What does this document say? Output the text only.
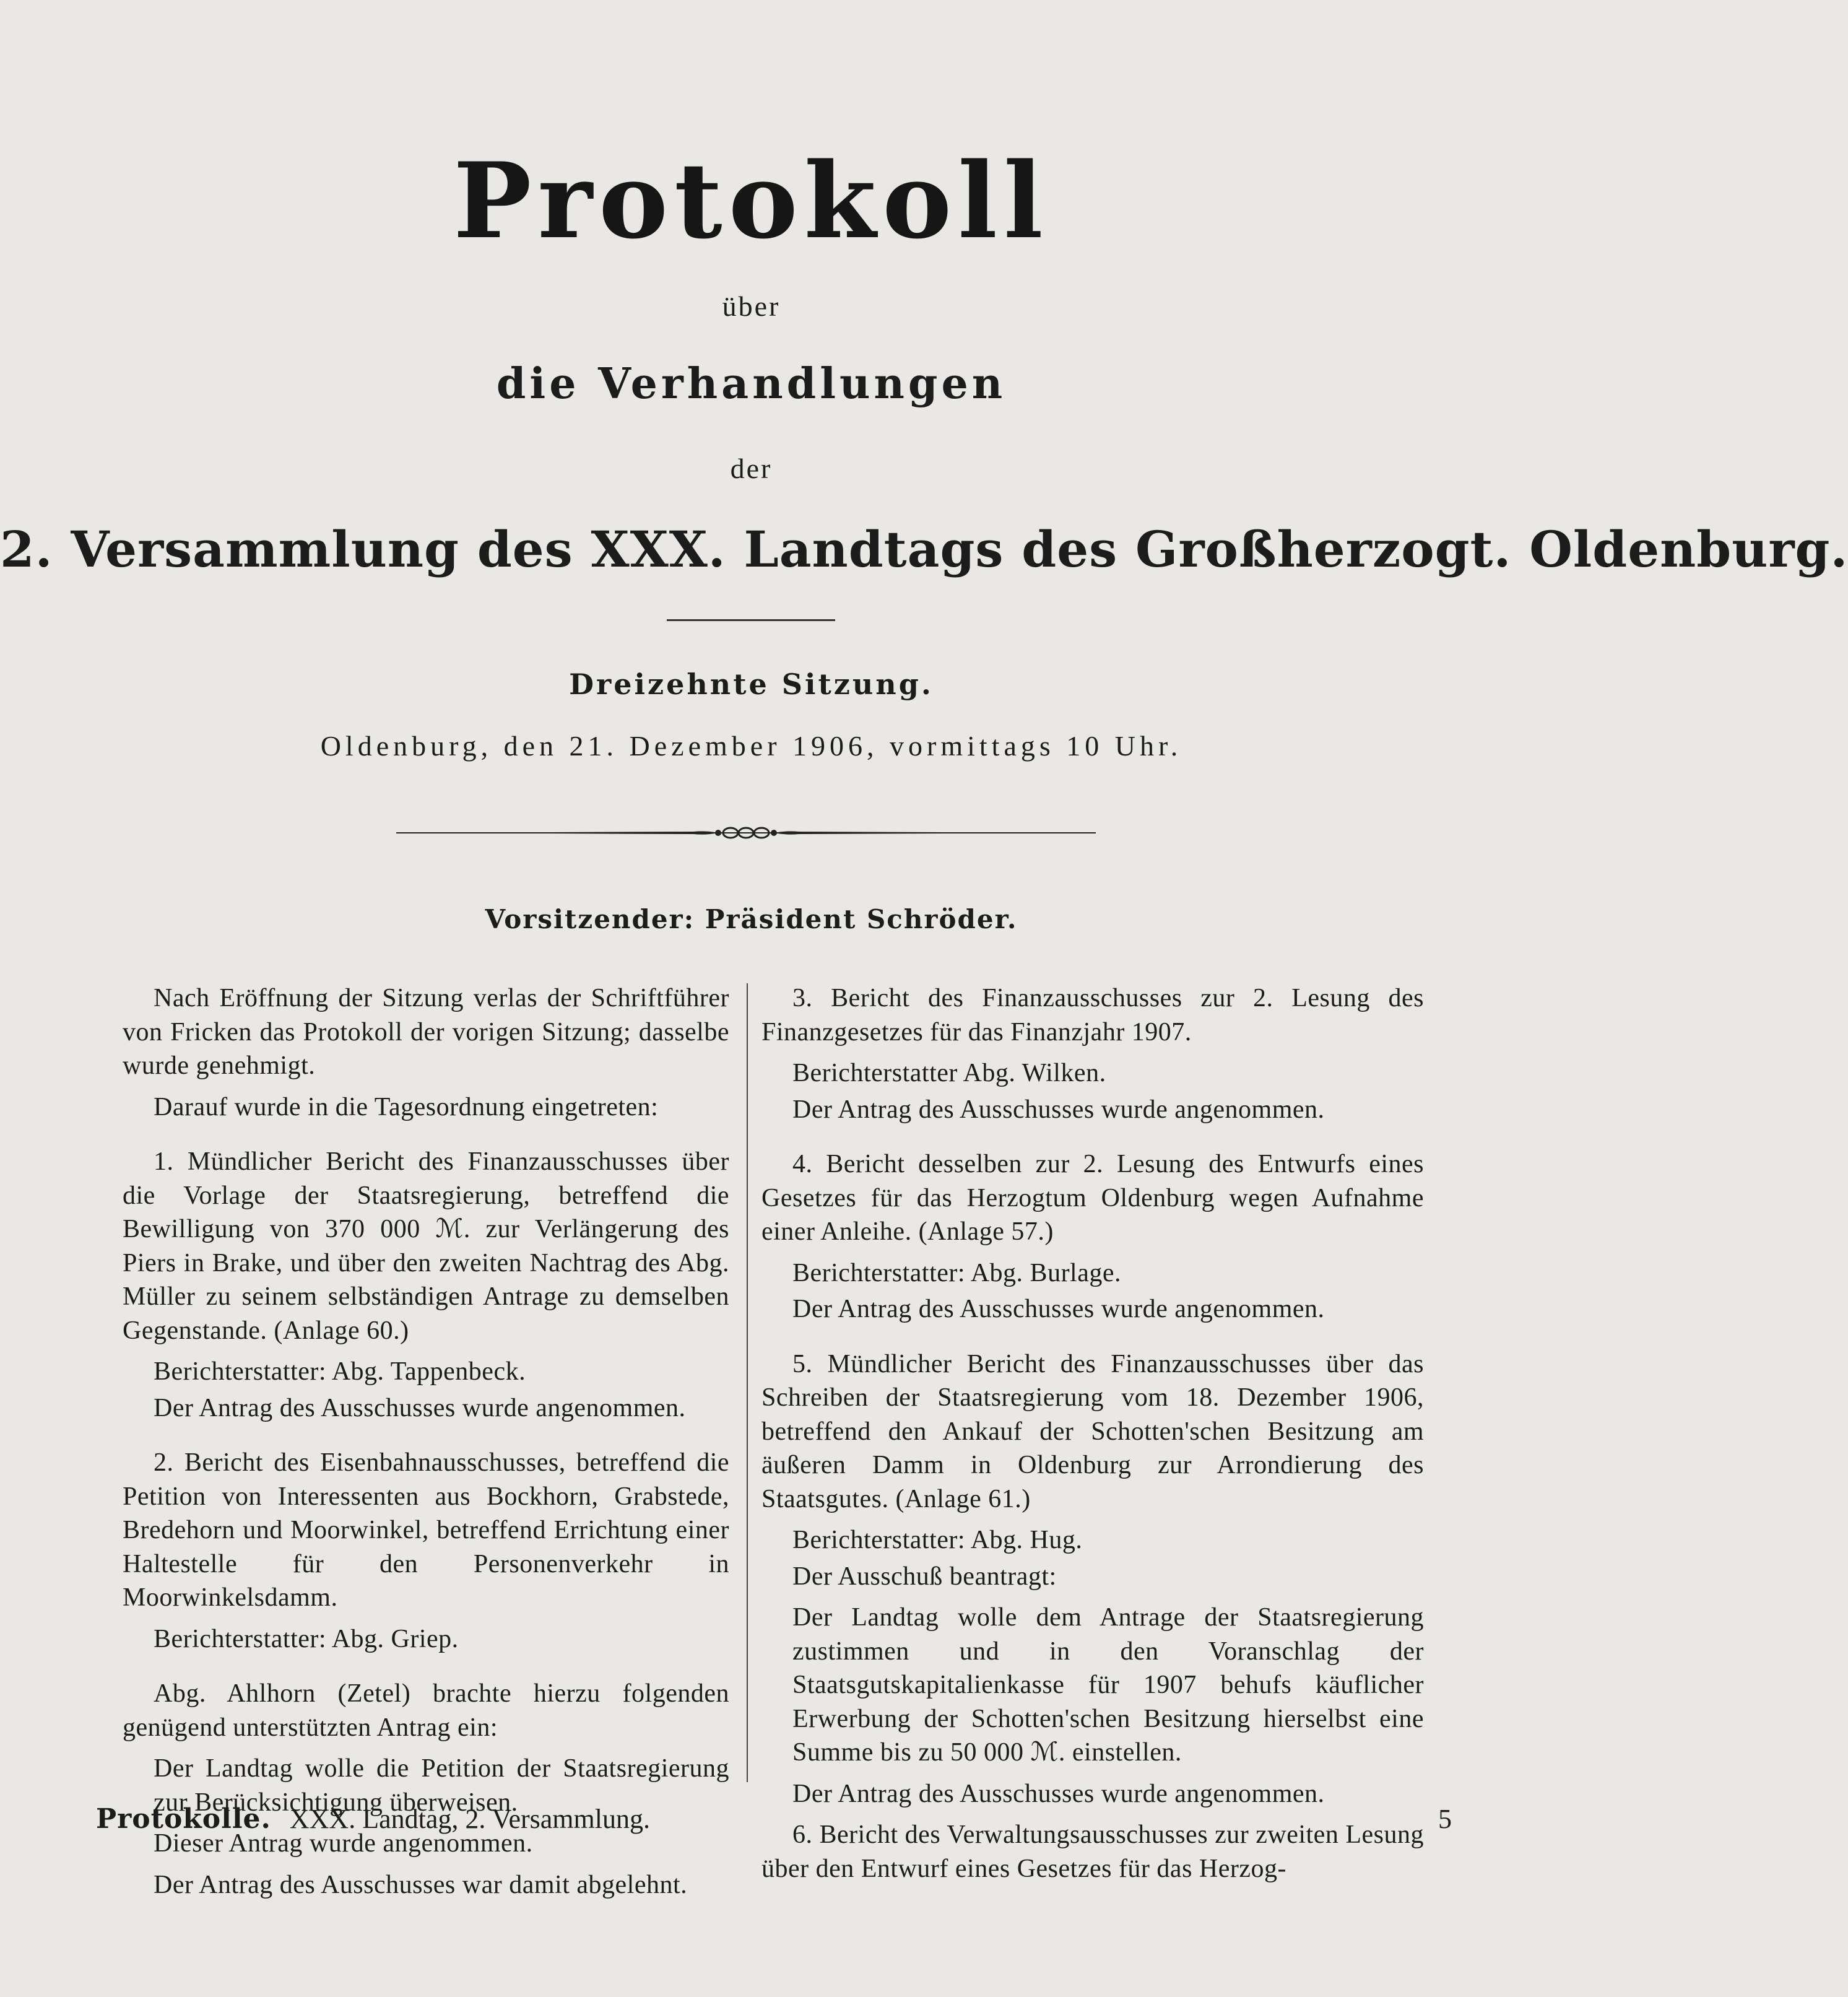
Protokoll
über
die Verhandlungen
der
2. Versammlung des XXX. Landtags des Großherzogt. Oldenburg.
Dreizehnte Sitzung.
Oldenburg, den 21. Dezember 1906, vormittags 10 Uhr.
Vorsitzender: Präsident Schröder.

Nach Eröffnung der Sitzung verlas der Schriftführer von Fricken das Protokoll der vorigen Sitzung; dasselbe wurde genehmigt.

Darauf wurde in die Tagesordnung eingetreten:

1. Mündlicher Bericht des Finanzausschusses über die Vorlage der Staatsregierung, betreffend die Bewilligung von 370 000 ℳ. zur Verlängerung des Piers in Brake, und über den zweiten Nachtrag des Abg. Müller zu seinem selbständigen Antrage zu demselben Gegenstande. (Anlage 60.)

Berichterstatter: Abg. Tappenbeck.

Der Antrag des Ausschusses wurde angenommen.

2. Bericht des Eisenbahnausschusses, betreffend die Petition von Interessenten aus Bockhorn, Grabstede, Bredehorn und Moorwinkel, betreffend Errichtung einer Haltestelle für den Personenverkehr in Moorwinkelsdamm.

Berichterstatter: Abg. Griep.

Abg. Ahlhorn (Zetel) brachte hierzu folgenden genügend unterstützten Antrag ein:

Der Landtag wolle die Petition der Staatsregierung zur Berücksichtigung überweisen.

Dieser Antrag wurde angenommen.

Der Antrag des Ausschusses war damit abgelehnt.

3. Bericht des Finanzausschusses zur 2. Lesung des Finanzgesetzes für das Finanzjahr 1907.

Berichterstatter Abg. Wilken.

Der Antrag des Ausschusses wurde angenommen.

4. Bericht desselben zur 2. Lesung des Entwurfs eines Gesetzes für das Herzogtum Oldenburg wegen Aufnahme einer Anleihe. (Anlage 57.)

Berichterstatter: Abg. Burlage.

Der Antrag des Ausschusses wurde angenommen.

5. Mündlicher Bericht des Finanzausschusses über das Schreiben der Staatsregierung vom 18. Dezember 1906, betreffend den Ankauf der Schotten'schen Besitzung am äußeren Damm in Oldenburg zur Arrondierung des Staatsgutes. (Anlage 61.)

Berichterstatter: Abg. Hug.

Der Ausschuß beantragt:

Der Landtag wolle dem Antrage der Staatsregierung zustimmen und in den Voranschlag der Staatsgutskapitalienkasse für 1907 behufs käuflicher Erwerbung der Schotten'schen Besitzung hierselbst eine Summe bis zu 50 000 ℳ. einstellen.

Der Antrag des Ausschusses wurde angenommen.

6. Bericht des Verwaltungsausschusses zur zweiten Lesung über den Entwurf eines Gesetzes für das Herzog-

Protokolle. XXX. Landtag, 2. Versammlung.	5
